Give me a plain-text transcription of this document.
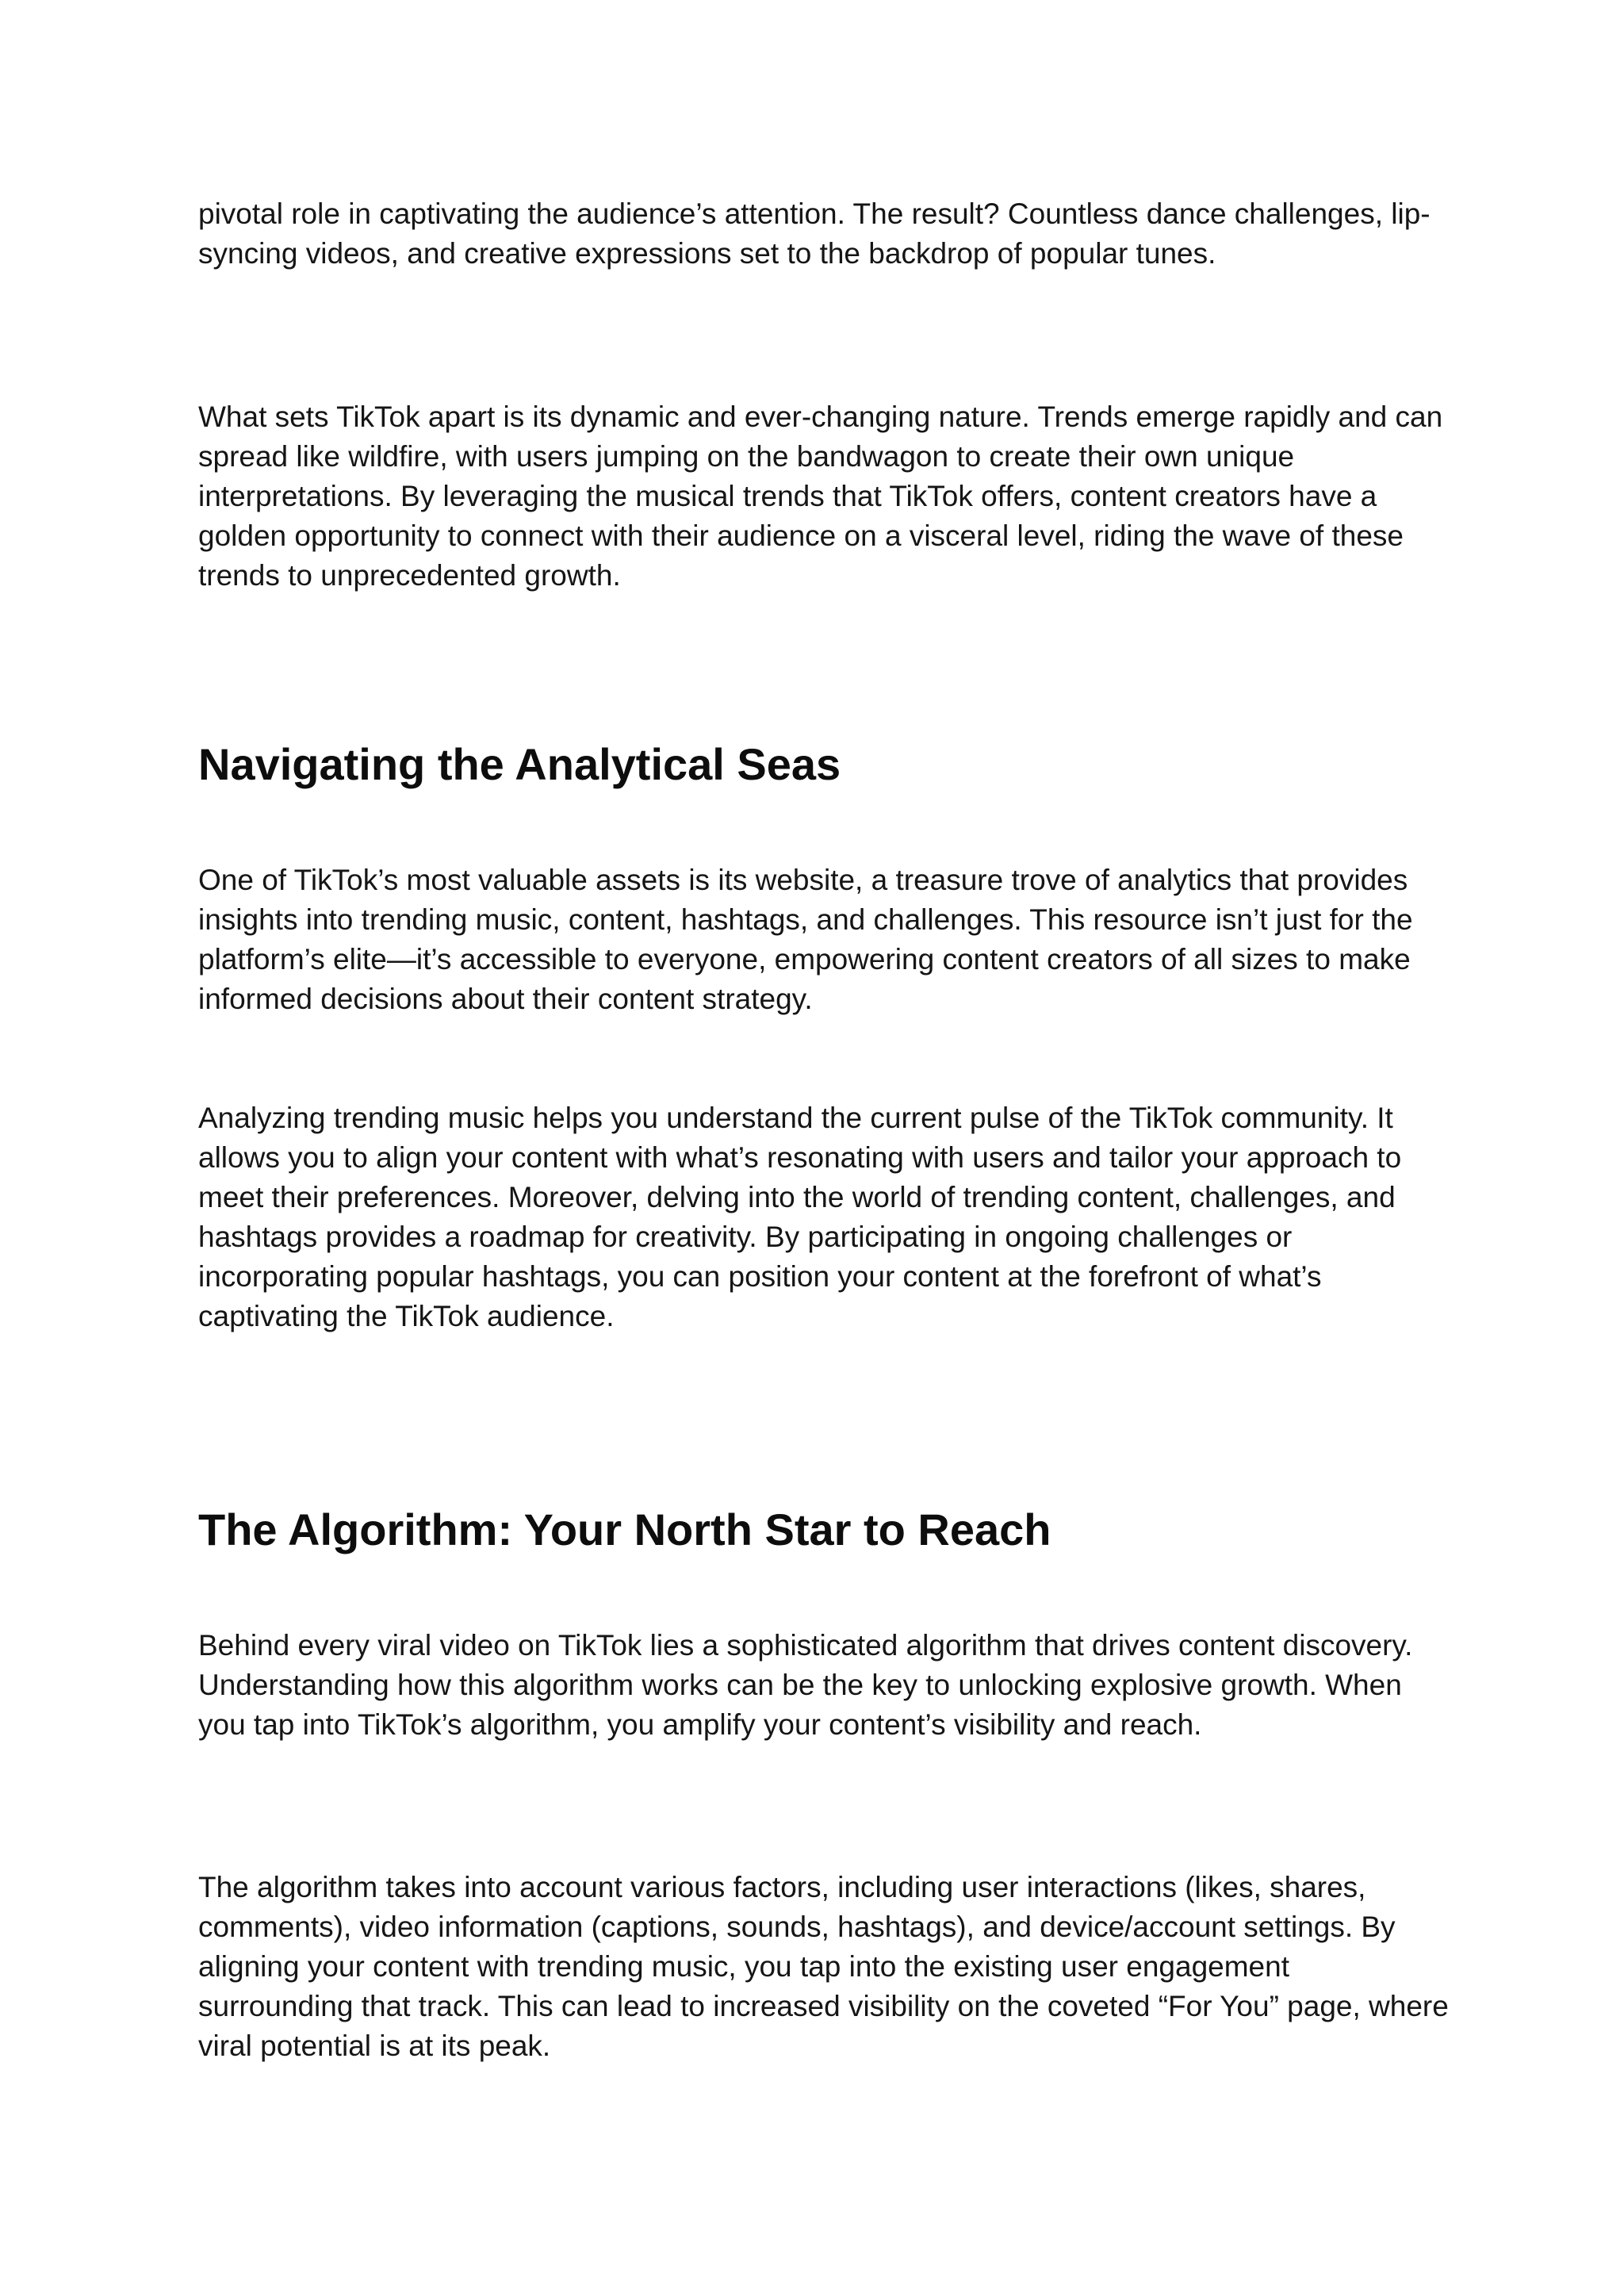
pivotal role in captivating the audience’s attention. The result? Countless dance challenges, lip-syncing videos, and creative expressions set to the backdrop of popular tunes.

What sets TikTok apart is its dynamic and ever-changing nature. Trends emerge rapidly and can spread like wildfire, with users jumping on the bandwagon to create their own unique interpretations. By leveraging the musical trends that TikTok offers, content creators have a golden opportunity to connect with their audience on a visceral level, riding the wave of these trends to unprecedented growth.

Navigating the Analytical Seas

One of TikTok’s most valuable assets is its website, a treasure trove of analytics that provides insights into trending music, content, hashtags, and challenges. This resource isn’t just for the platform’s elite—it’s accessible to everyone, empowering content creators of all sizes to make informed decisions about their content strategy.

Analyzing trending music helps you understand the current pulse of the TikTok community. It allows you to align your content with what’s resonating with users and tailor your approach to meet their preferences. Moreover, delving into the world of trending content, challenges, and hashtags provides a roadmap for creativity. By participating in ongoing challenges or incorporating popular hashtags, you can position your content at the forefront of what’s captivating the TikTok audience.

The Algorithm: Your North Star to Reach

Behind every viral video on TikTok lies a sophisticated algorithm that drives content discovery. Understanding how this algorithm works can be the key to unlocking explosive growth. When you tap into TikTok’s algorithm, you amplify your content’s visibility and reach.

The algorithm takes into account various factors, including user interactions (likes, shares, comments), video information (captions, sounds, hashtags), and device/account settings. By aligning your content with trending music, you tap into the existing user engagement surrounding that track. This can lead to increased visibility on the coveted “For You” page, where viral potential is at its peak.
